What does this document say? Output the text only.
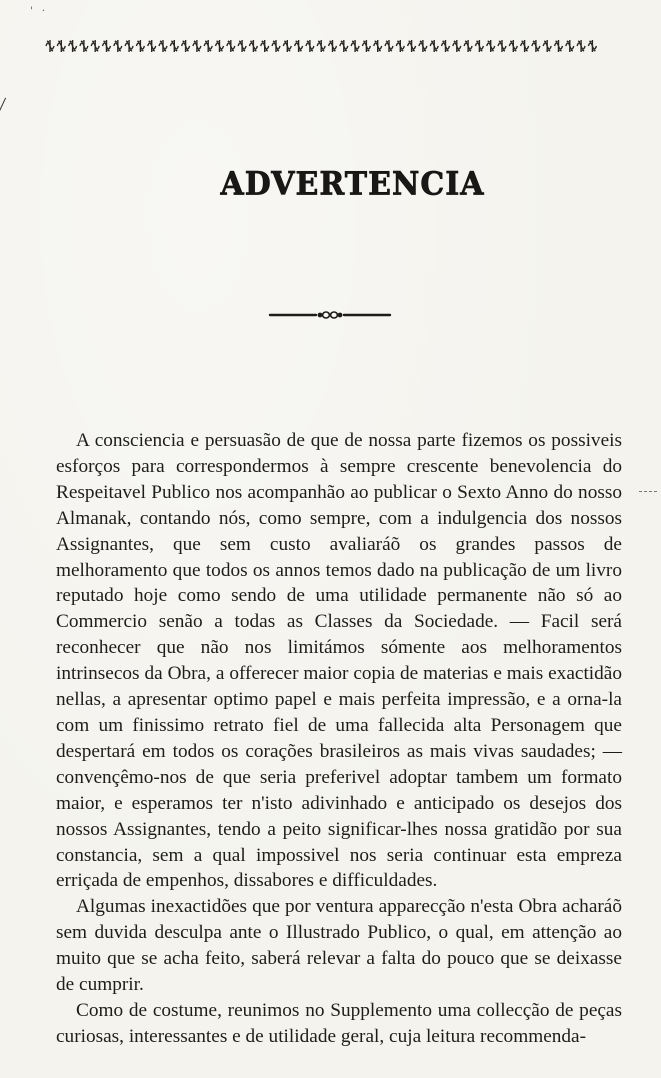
' ·
ADVERTENCIA

A consciencia e persuasão de que de nossa parte fizemos os possiveis esforços para correspondermos à sempre crescente benevolencia do Respeitavel Publico nos acompanhão ao publicar o Sexto Anno do nosso Almanak, contando nós, como sempre, com a indulgencia dos nossos Assignantes, que sem custo avaliaráõ os grandes passos de melhoramento que todos os annos temos dado na publicação de um livro reputado hoje como sendo de uma utilidade permanente não só ao Commercio senão a todas as Classes da Sociedade. — Facil será reconhecer que não nos limitámos sómente aos melhoramentos intrinsecos da Obra, a offerecer maior copia de materias e mais exactidão nellas, a apresentar optimo papel e mais perfeita impressão, e a orna-la com um finissimo retrato fiel de uma fallecida alta Personagem que despertará em todos os corações brasileiros as mais vivas saudades; — convençêmo-nos de que seria preferivel adoptar tambem um formato maior, e esperamos ter n'isto adivinhado e anticipado os desejos dos nossos Assignantes, tendo a peito significar-lhes nossa gratidão por sua constancia, sem a qual impossivel nos seria continuar esta empreza erriçada de empenhos, dissabores e difficuldades.

Algumas inexactidões que por ventura apparecção n'esta Obra acharáõ sem duvida desculpa ante o Illustrado Publico, o qual, em attenção ao muito que se acha feito, saberá relevar a falta do pouco que se deixasse de cumprir.

Como de costume, reunimos no Supplemento uma collecção de peças curiosas, interessantes e de utilidade geral, cuja leitura recommenda-
